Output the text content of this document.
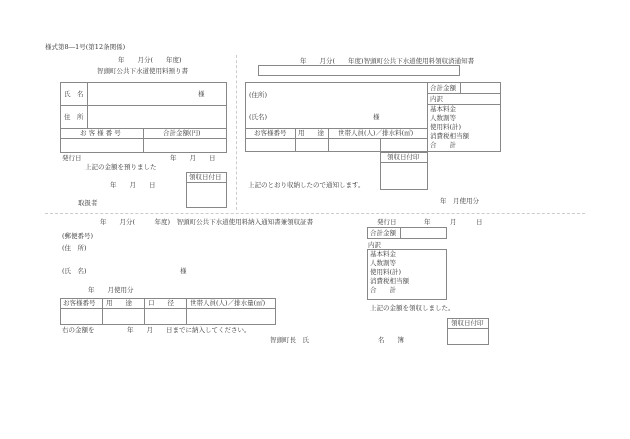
様式第8―1号(第12条関係)
年　　月分(　　年度)
智頭町公共下水道使用料預り書
氏　名	様
住　所
お 客 様 番 号	合計金額(円)
発行日	年　　月　　日
上記の金額を預りました
領収日付日
年　　月　　日
取扱者
年　　月分(　　年度)智頭町公共下水道使用料領収済通知書
(住所)
(氏名)	様
お客様番号 用　　途 世帯人員(人)／排水料(㎥)
領収日付印
合計金額
内訳
基本料金
人数割等
使用料(計)
消費税相当額
合　　計
上記のとおり収納したので通知します。
年　月使用分
年　　月分(　　　年度)　智頭町公共下水道使用料納入通知書兼領収証書
(郵便番号)
(住　所)
(氏　名)	様
年　　月使用分
お客様番号 用　　途 口　　径 世帯人員(人)／排水量(㎥)
右の金額を　　　　　年　　月　　日までに納入してください。
智頭町長　氏	名　　簿
発行日	年　　　月　　　日
合計金額
内訳
基本料金
人数割等
使用料(計)
消費税相当額
合　　計
上記の金額を領収しました。
領収日付印
